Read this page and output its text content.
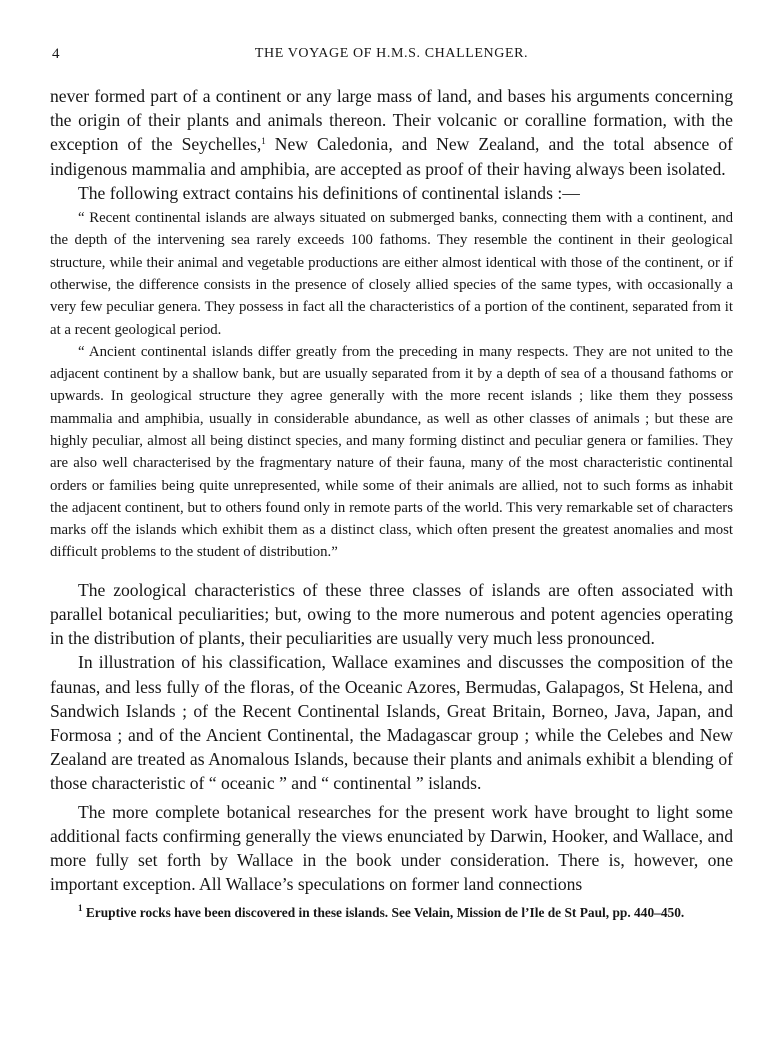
4	THE VOYAGE OF H.M.S. CHALLENGER.

never formed part of a continent or any large mass of land, and bases his arguments concerning the origin of their plants and animals thereon. Their volcanic or coralline formation, with the exception of the Seychelles,$^1$ New Caledonia, and New Zealand, and the total absence of indigenous mammalia and amphibia, are accepted as proof of their having always been isolated.

The following extract contains his definitions of continental islands :—

“ Recent continental islands are always situated on submerged banks, connecting them with a continent, and the depth of the intervening sea rarely exceeds 100 fathoms. They resemble the continent in their geological structure, while their animal and vegetable productions are either almost identical with those of the continent, or if otherwise, the difference consists in the presence of closely allied species of the same types, with occasionally a very few peculiar genera. They possess in fact all the characteristics of a portion of the continent, separated from it at a recent geological period.

“ Ancient continental islands differ greatly from the preceding in many respects. They are not united to the adjacent continent by a shallow bank, but are usually separated from it by a depth of sea of a thousand fathoms or upwards. In geological structure they agree generally with the more recent islands ; like them they possess mammalia and amphibia, usually in considerable abundance, as well as other classes of animals ; but these are highly peculiar, almost all being distinct species, and many forming distinct and peculiar genera or families. They are also well characterised by the fragmentary nature of their fauna, many of the most characteristic continental orders or families being quite unrepresented, while some of their animals are allied, not to such forms as inhabit the adjacent continent, but to others found only in remote parts of the world. This very remarkable set of characters marks off the islands which exhibit them as a distinct class, which often present the greatest anomalies and most difficult problems to the student of distribution.”

The zoological characteristics of these three classes of islands are often associated with parallel botanical peculiarities; but, owing to the more numerous and potent agencies operating in the distribution of plants, their peculiarities are usually very much less pronounced.

In illustration of his classification, Wallace examines and discusses the composition of the faunas, and less fully of the floras, of the Oceanic Azores, Bermudas, Galapagos, St Helena, and Sandwich Islands ; of the Recent Continental Islands, Great Britain, Borneo, Java, Japan, and Formosa ; and of the Ancient Continental, the Madagascar group ; while the Celebes and New Zealand are treated as Anomalous Islands, because their plants and animals exhibit a blending of those characteristic of “ oceanic ” and “ continental ” islands.

The more complete botanical researches for the present work have brought to light some additional facts confirming generally the views enunciated by Darwin, Hooker, and Wallace, and more fully set forth by Wallace in the book under consideration. There is, however, one important exception. All Wallace’s speculations on former land connections

$^1$ Eruptive rocks have been discovered in these islands. See Velain, Mission de l’Ile de St Paul, pp. 440–450.
